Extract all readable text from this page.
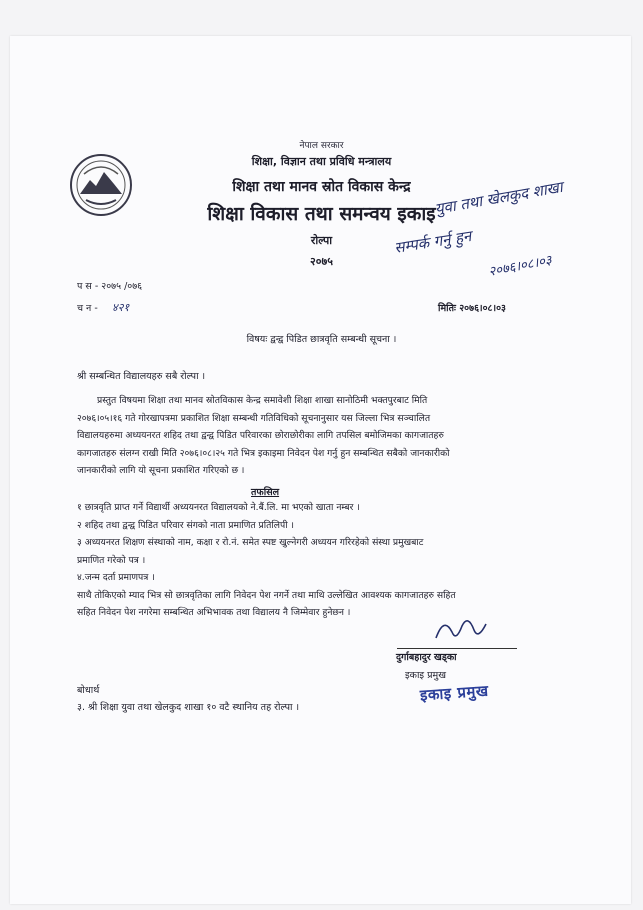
नेपाल सरकार
शिक्षा, विज्ञान तथा प्रविधि मन्त्रालय
शिक्षा तथा मानव स्रोत विकास केन्द्र
शिक्षा विकास तथा समन्वय इकाइ
रोल्पा
२०७५
युवा तथा खेलकुद शाखा
सम्पर्क गर्नु हुन
२०७६।०८।०३
प स - २०७५ /०७६
च न - ४२१	मितिः २०७६।०८।०३
विषयः द्वन्द्व पिडित छात्रवृति सम्बन्धी सूचना ।
श्री सम्बन्धित विद्यालयहरु सबै रोल्पा ।
प्रस्तुत विषयमा शिक्षा तथा मानव स्रोतविकास केन्द्र समावेशी शिक्षा शाखा सानोठिमी भक्तपुरबाट मिति
२०७६।०५।१६ गते गोरखापत्रमा प्रकाशित शिक्षा सम्बन्धी गतिविधिको सूचनानुसार यस जिल्ला भित्र सञ्चालित
विद्यालयहरुमा अध्ययनरत शहिद तथा द्वन्द्व पिडित परिवारका छोराछोरीका लागि तपसिल बमोजिमका कागजातहरु
कागजातहरु संलग्न राखी मिति २०७६।०८।२५ गते भित्र इकाइमा निवेदन पेश गर्नु हुन सम्बन्धित सबैको जानकारीको
जानकारीको लागि यो सूचना प्रकाशित गरिएको छ ।
तफसिल
१ छात्रवृति प्राप्त गर्ने विद्यार्थी अध्ययनरत विद्यालयको ने.बैं.लि. मा भएको खाता नम्बर ।
२ शहिद तथा द्वन्द्व पिडित परिवार संगको नाता प्रमाणित प्रतिलिपी ।
३ अध्ययनरत शिक्षण संस्थाको नाम, कक्षा र रो.नं. समेत स्पष्ट खुल्नेगरी अध्ययन गरिरहेको संस्था प्रमुखबाट
प्रमाणित गरेको पत्र ।
४.जन्म दर्ता प्रमाणपत्र ।
साथै तोकिएको म्याद भित्र सो छात्रवृतिका लागि निवेदन पेश नगर्ने तथा माथि उल्लेखित आवश्यक कागजातहरु सहित
सहित निवेदन पेश नगरेमा सम्बन्धित अभिभावक तथा विद्यालय नै जिम्मेवार हुनेछन ।
दुर्गाबहादुर खड्का
इकाइ प्रमुख
इकाइ प्रमुख
बोधार्थ
३. श्री शिक्षा युवा तथा खेलकुद शाखा १० वटै स्थानिय तह रोल्पा ।
